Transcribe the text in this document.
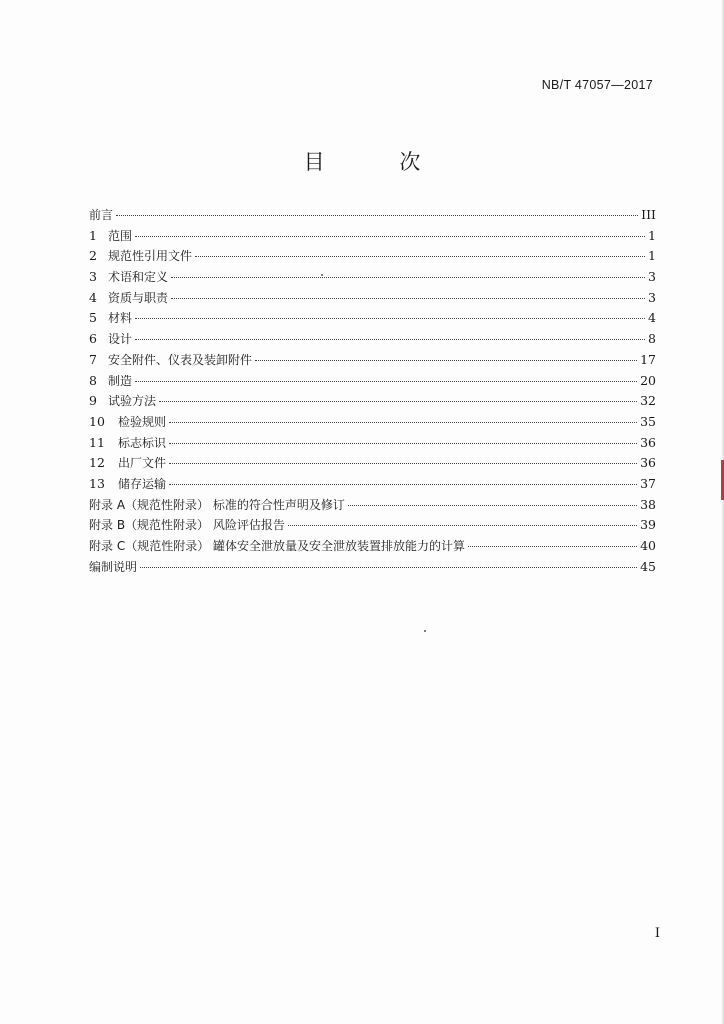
NB/T 47057—2017
目 次
前言	III
1 范围	1
2 规范性引用文件	1
3 术语和定义	3
4 资质与职责	3
5 材料	4
6 设计	8
7 安全附件、仪表及装卸附件	17
8 制造	20
9 试验方法	32
10	检验规则	35
11	标志标识	36
12	出厂文件	36
13	储存运输	37
附录 A（规范性附录） 标准的符合性声明及修订	38
附录 B（规范性附录） 风险评估报告	39
附录 C（规范性附录） 罐体安全泄放量及安全泄放装置排放能力的计算	40
编制说明	45
I
